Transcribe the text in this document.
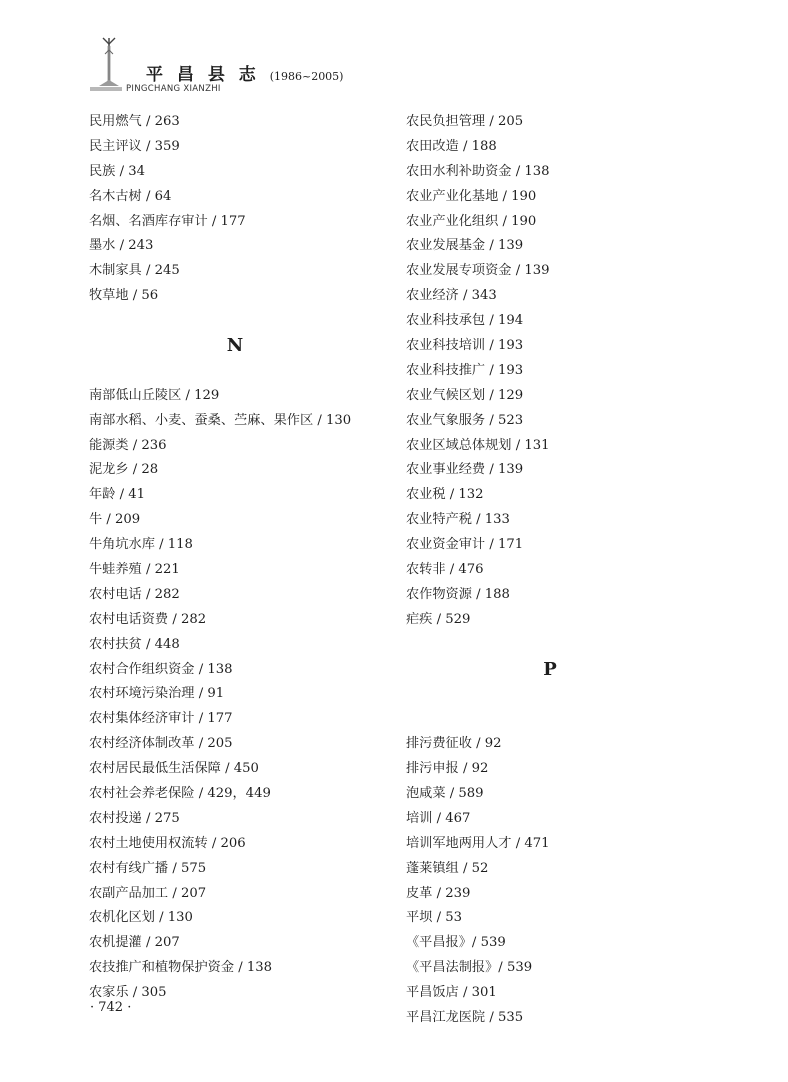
平 昌 县 志 (1986~2005)
PINGCHANG XIANZHI
民用燃气 / 263
民主评议 / 359
民族 / 34
名木古树 / 64
名烟、名酒库存审计 / 177
墨水 / 243
木制家具 / 245
牧草地 / 56
N
南部低山丘陵区 / 129
南部水稻、小麦、蚕桑、苎麻、果作区 / 130
能源类 / 236
泥龙乡 / 28
年龄 / 41
牛 / 209
牛角坑水库 / 118
牛蛙养殖 / 221
农村电话 / 282
农村电话资费 / 282
农村扶贫 / 448
农村合作组织资金 / 138
农村环境污染治理 / 91
农村集体经济审计 / 177
农村经济体制改革 / 205
农村居民最低生活保障 / 450
农村社会养老保险 / 429，449
农村投递 / 275
农村土地使用权流转 / 206
农村有线广播 / 575
农副产品加工 / 207
农机化区划 / 130
农机提灌 / 207
农技推广和植物保护资金 / 138
农家乐 / 305
农民负担管理 / 205
农田改造 / 188
农田水利补助资金 / 138
农业产业化基地 / 190
农业产业化组织 / 190
农业发展基金 / 139
农业发展专项资金 / 139
农业经济 / 343
农业科技承包 / 194
农业科技培训 / 193
农业科技推广 / 193
农业气候区划 / 129
农业气象服务 / 523
农业区域总体规划 / 131
农业事业经费 / 139
农业税 / 132
农业特产税 / 133
农业资金审计 / 171
农转非 / 476
农作物资源 / 188
疟疾 / 529
P
排污费征收 / 92
排污申报 / 92
泡咸菜 / 589
培训 / 467
培训军地两用人才 / 471
蓬莱镇组 / 52
皮革 / 239
平坝 / 53
《平昌报》/ 539
《平昌法制报》/ 539
平昌饭店 / 301
平昌江龙医院 / 535
· 742 ·
